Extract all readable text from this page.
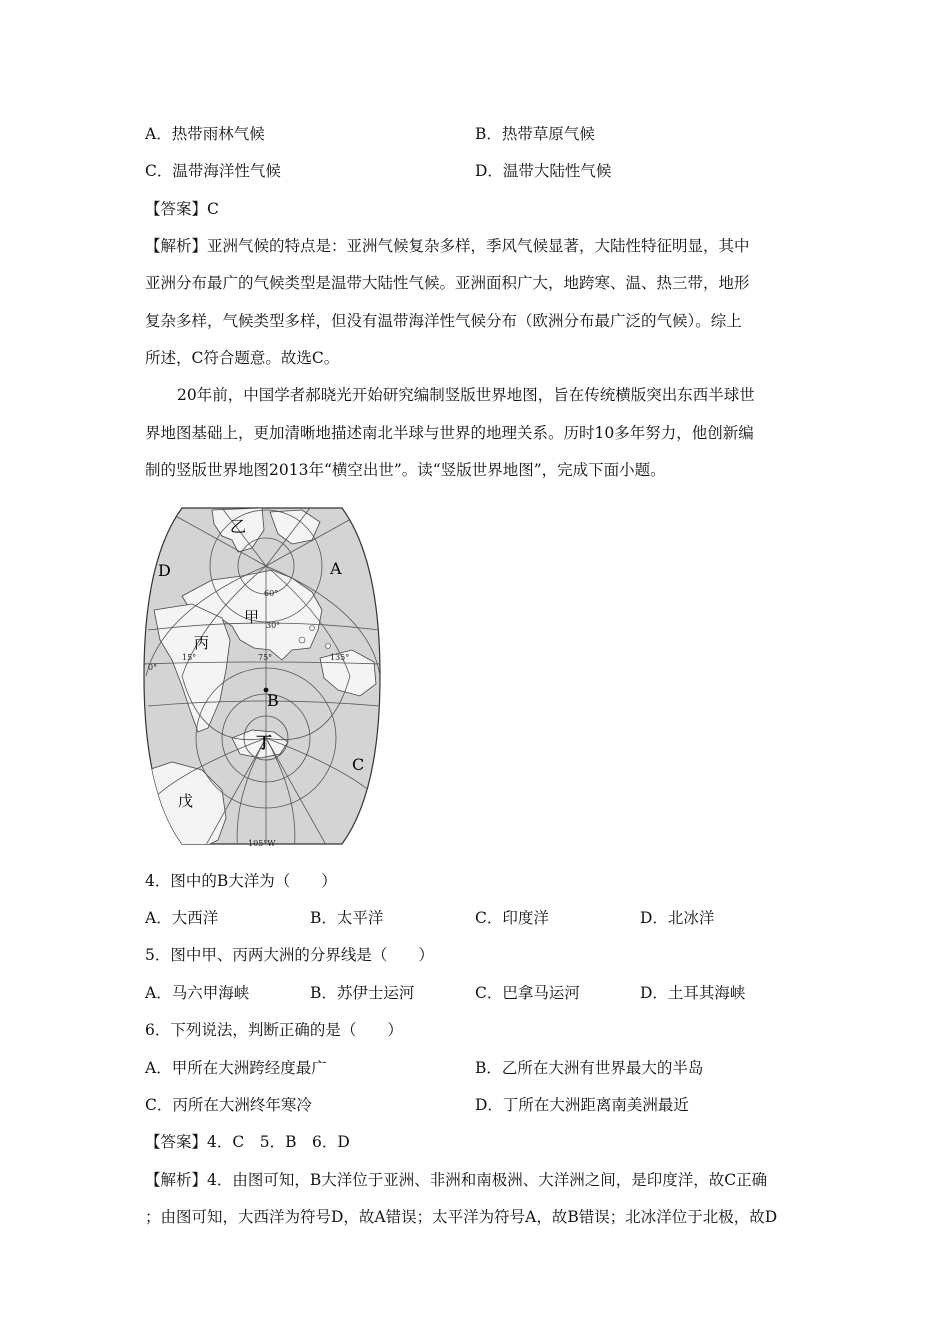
A．热带雨林气候	B．热带草原气候
C．温带海洋性气候	D．温带大陆性气候
【答案】C
【解析】亚洲气候的特点是：亚洲气候复杂多样，季风气候显著，大陆性特征明显，其中
亚洲分布最广的气候类型是温带大陆性气候。亚洲面积广大，地跨寒、温、热三带，地形
复杂多样，气候类型多样，但没有温带海洋性气候分布（欧洲分布最广泛的气候）。综上
所述，C符合题意。故选C。
20年前，中国学者郝晓光开始研究编制竖版世界地图，旨在传统横版突出东西半球世
界地图基础上，更加清晰地描述南北半球与世界的地理关系。历时10多年努力，他创新编
制的竖版世界地图2013年“横空出世”。读“竖版世界地图”，完成下面小题。
乙
A
D
甲
丙
B
丁
C
戊
60°
30°
15°
0°
135°
75°
105°W
4．图中的B大洋为（　　）
A．大西洋	B．太平洋	C．印度洋	D．北冰洋
5．图中甲、丙两大洲的分界线是（　　）
A．马六甲海峡	B．苏伊士运河	C．巴拿马运河	D．土耳其海峡
6．下列说法，判断正确的是（　　）
A．甲所在大洲跨经度最广	B．乙所在大洲有世界最大的半岛
C．丙所在大洲终年寒冷	D．丁所在大洲距离南美洲最近
【答案】4．C　5．B　6．D
【解析】4．由图可知，B大洋位于亚洲、非洲和南极洲、大洋洲之间，是印度洋，故C正确
；由图可知，大西洋为符号D，故A错误；太平洋为符号A，故B错误；北冰洋位于北极，故D
